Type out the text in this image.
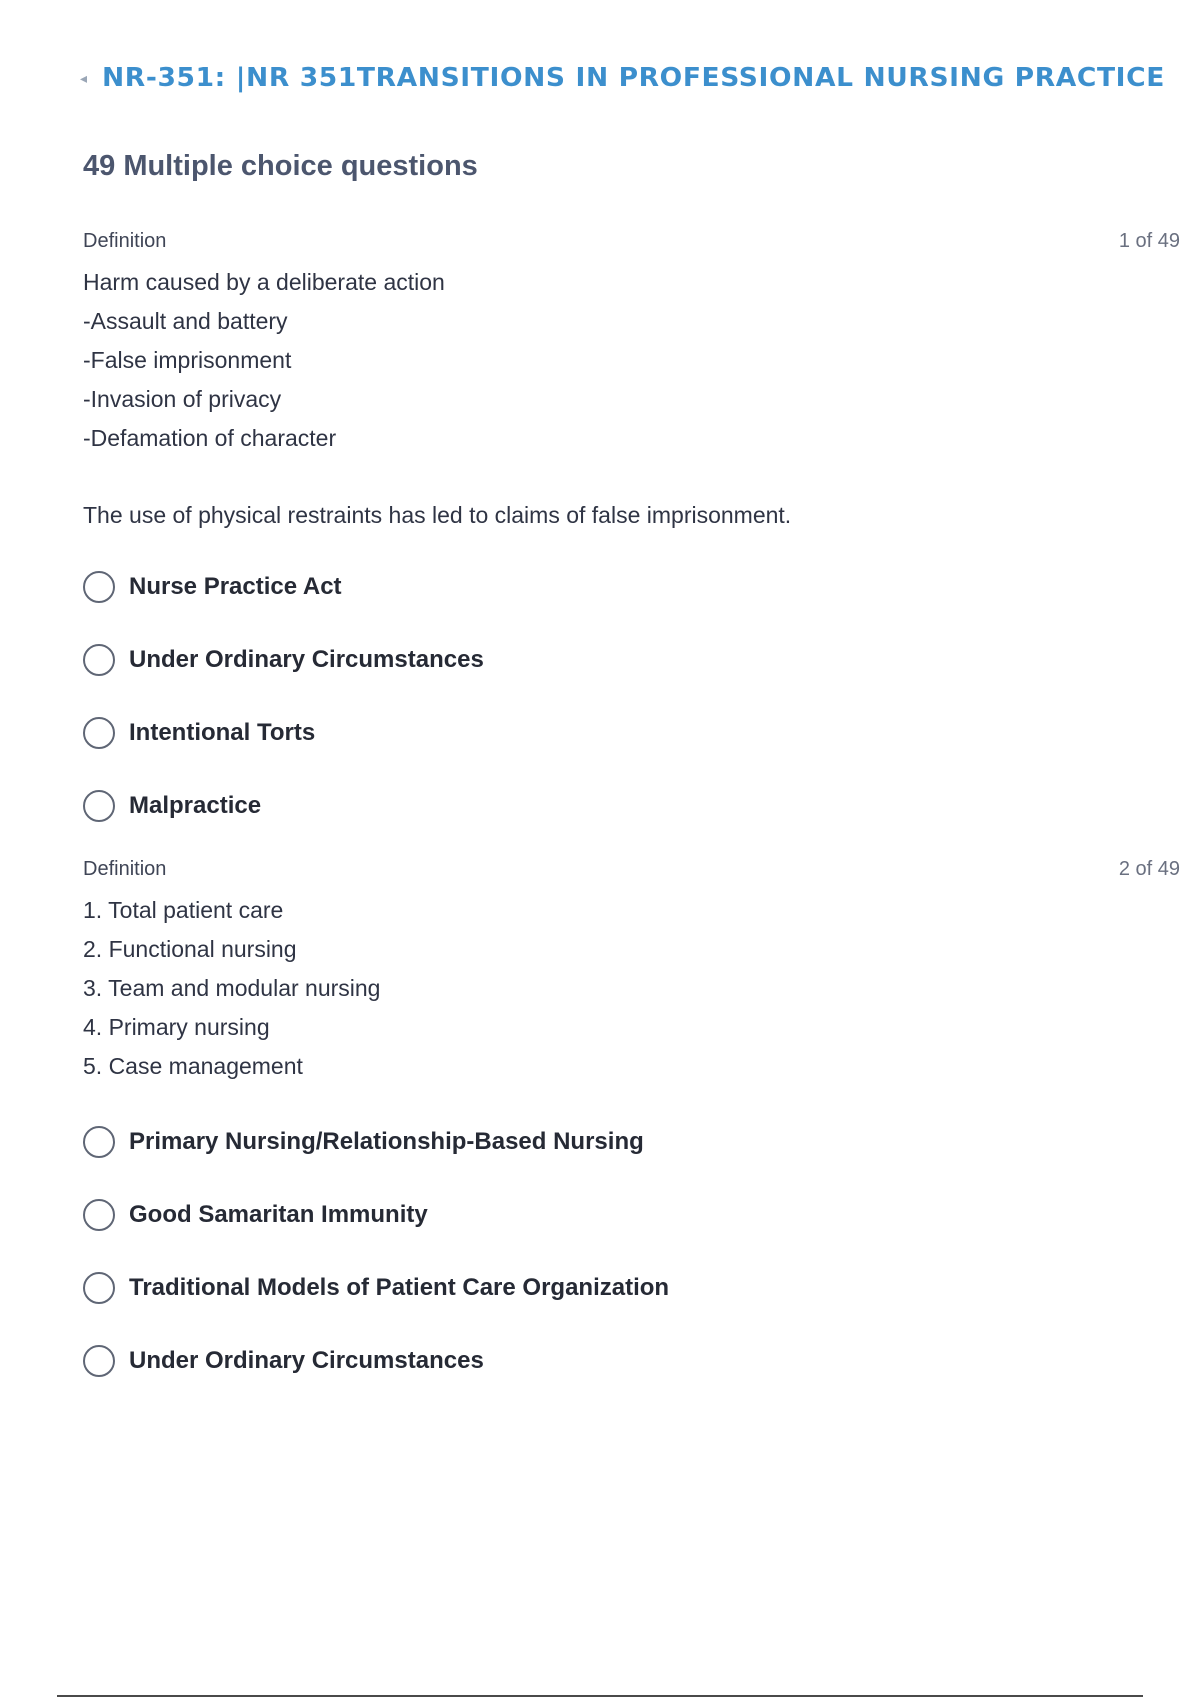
◂ NR-351: |NR 351TRANSITIONS IN PROFESSIONAL NURSING PRACTICE
49 Multiple choice questions
Definition	1 of 49
Harm caused by a deliberate action
-Assault and battery
-False imprisonment
-Invasion of privacy
-Defamation of character
The use of physical restraints has led to claims of false imprisonment.
Nurse Practice Act
Under Ordinary Circumstances
Intentional Torts
Malpractice
Definition	2 of 49
1. Total patient care
2. Functional nursing
3. Team and modular nursing
4. Primary nursing
5. Case management
Primary Nursing/Relationship-Based Nursing
Good Samaritan Immunity
Traditional Models of Patient Care Organization
Under Ordinary Circumstances
